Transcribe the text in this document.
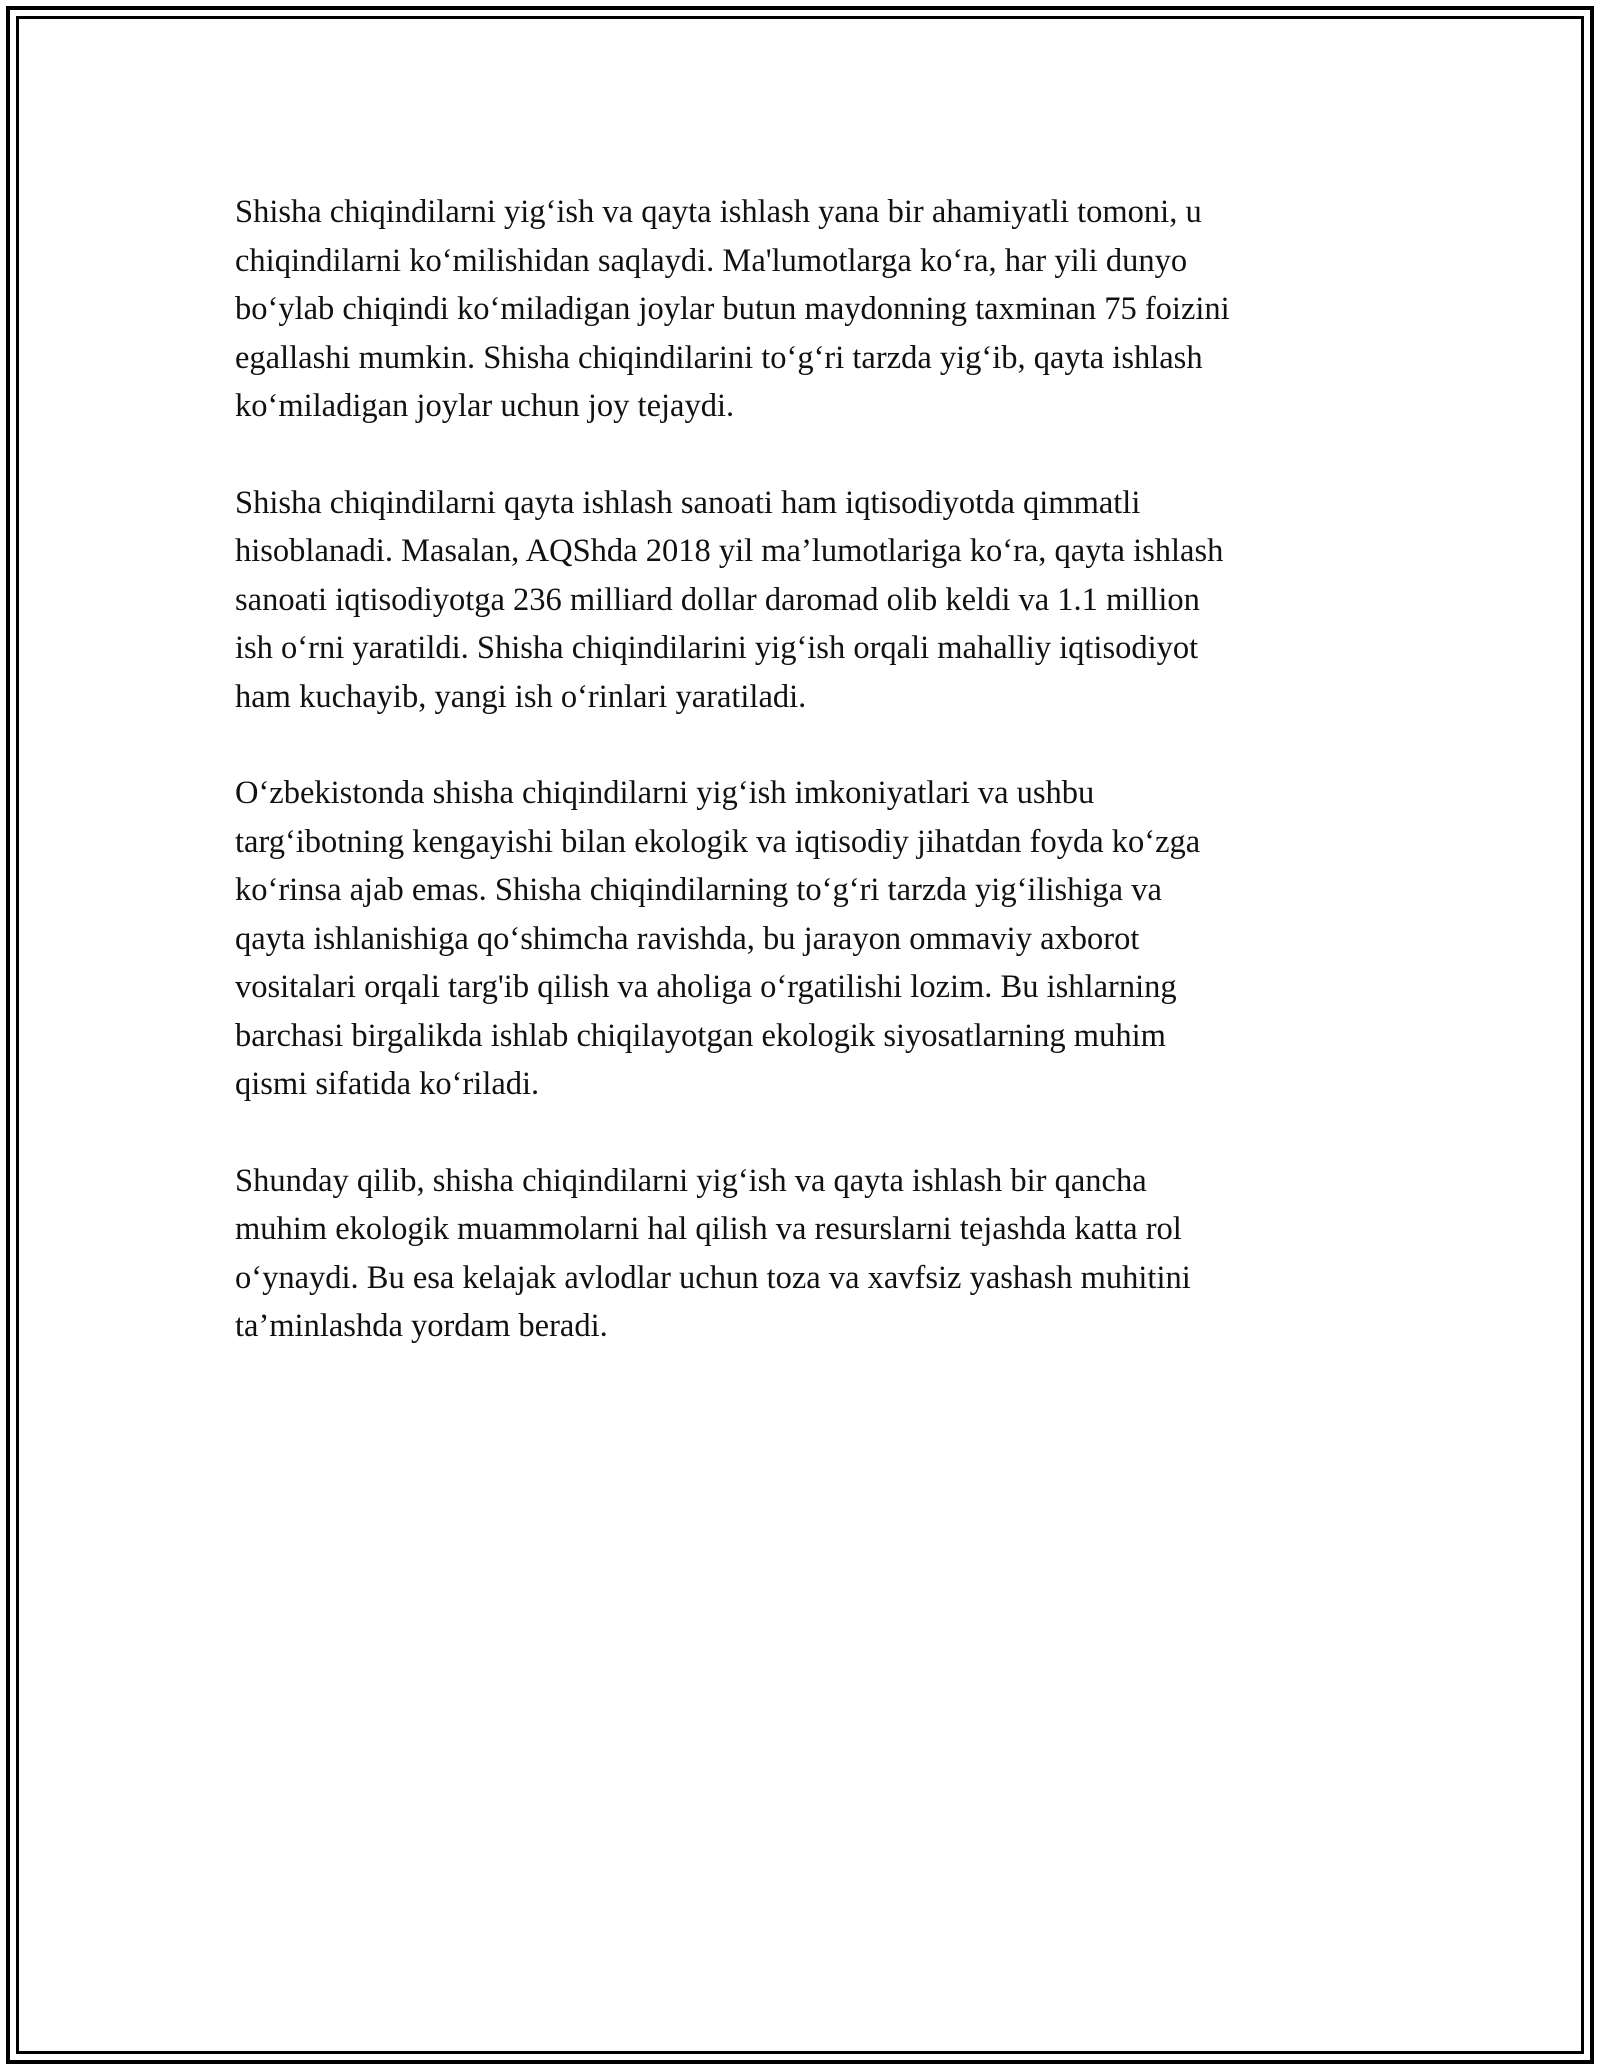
Shisha chiqindilarni yig‘ish va qayta ishlash yana bir ahamiyatli tomoni, u
chiqindilarni ko‘milishidan saqlaydi. Ma'lumotlarga ko‘ra, har yili dunyo
bo‘ylab chiqindi ko‘miladigan joylar butun maydonning taxminan 75 foizini
egallashi mumkin. Shisha chiqindilarini to‘g‘ri tarzda yig‘ib, qayta ishlash
ko‘miladigan joylar uchun joy tejaydi.

Shisha chiqindilarni qayta ishlash sanoati ham iqtisodiyotda qimmatli
hisoblanadi. Masalan, AQShda 2018 yil ma’lumotlariga ko‘ra, qayta ishlash
sanoati iqtisodiyotga 236 milliard dollar daromad olib keldi va 1.1 million
ish o‘rni yaratildi. Shisha chiqindilarini yig‘ish orqali mahalliy iqtisodiyot
ham kuchayib, yangi ish o‘rinlari yaratiladi.

O‘zbekistonda shisha chiqindilarni yig‘ish imkoniyatlari va ushbu
targ‘ibotning kengayishi bilan ekologik va iqtisodiy jihatdan foyda ko‘zga
ko‘rinsa ajab emas. Shisha chiqindilarning to‘g‘ri tarzda yig‘ilishiga va
qayta ishlanishiga qo‘shimcha ravishda, bu jarayon ommaviy axborot
vositalari orqali targ'ib qilish va aholiga o‘rgatilishi lozim. Bu ishlarning
barchasi birgalikda ishlab chiqilayotgan ekologik siyosatlarning muhim
qismi sifatida ko‘riladi.

Shunday qilib, shisha chiqindilarni yig‘ish va qayta ishlash bir qancha
muhim ekologik muammolarni hal qilish va resurslarni tejashda katta rol
o‘ynaydi. Bu esa kelajak avlodlar uchun toza va xavfsiz yashash muhitini
ta’minlashda yordam beradi.
